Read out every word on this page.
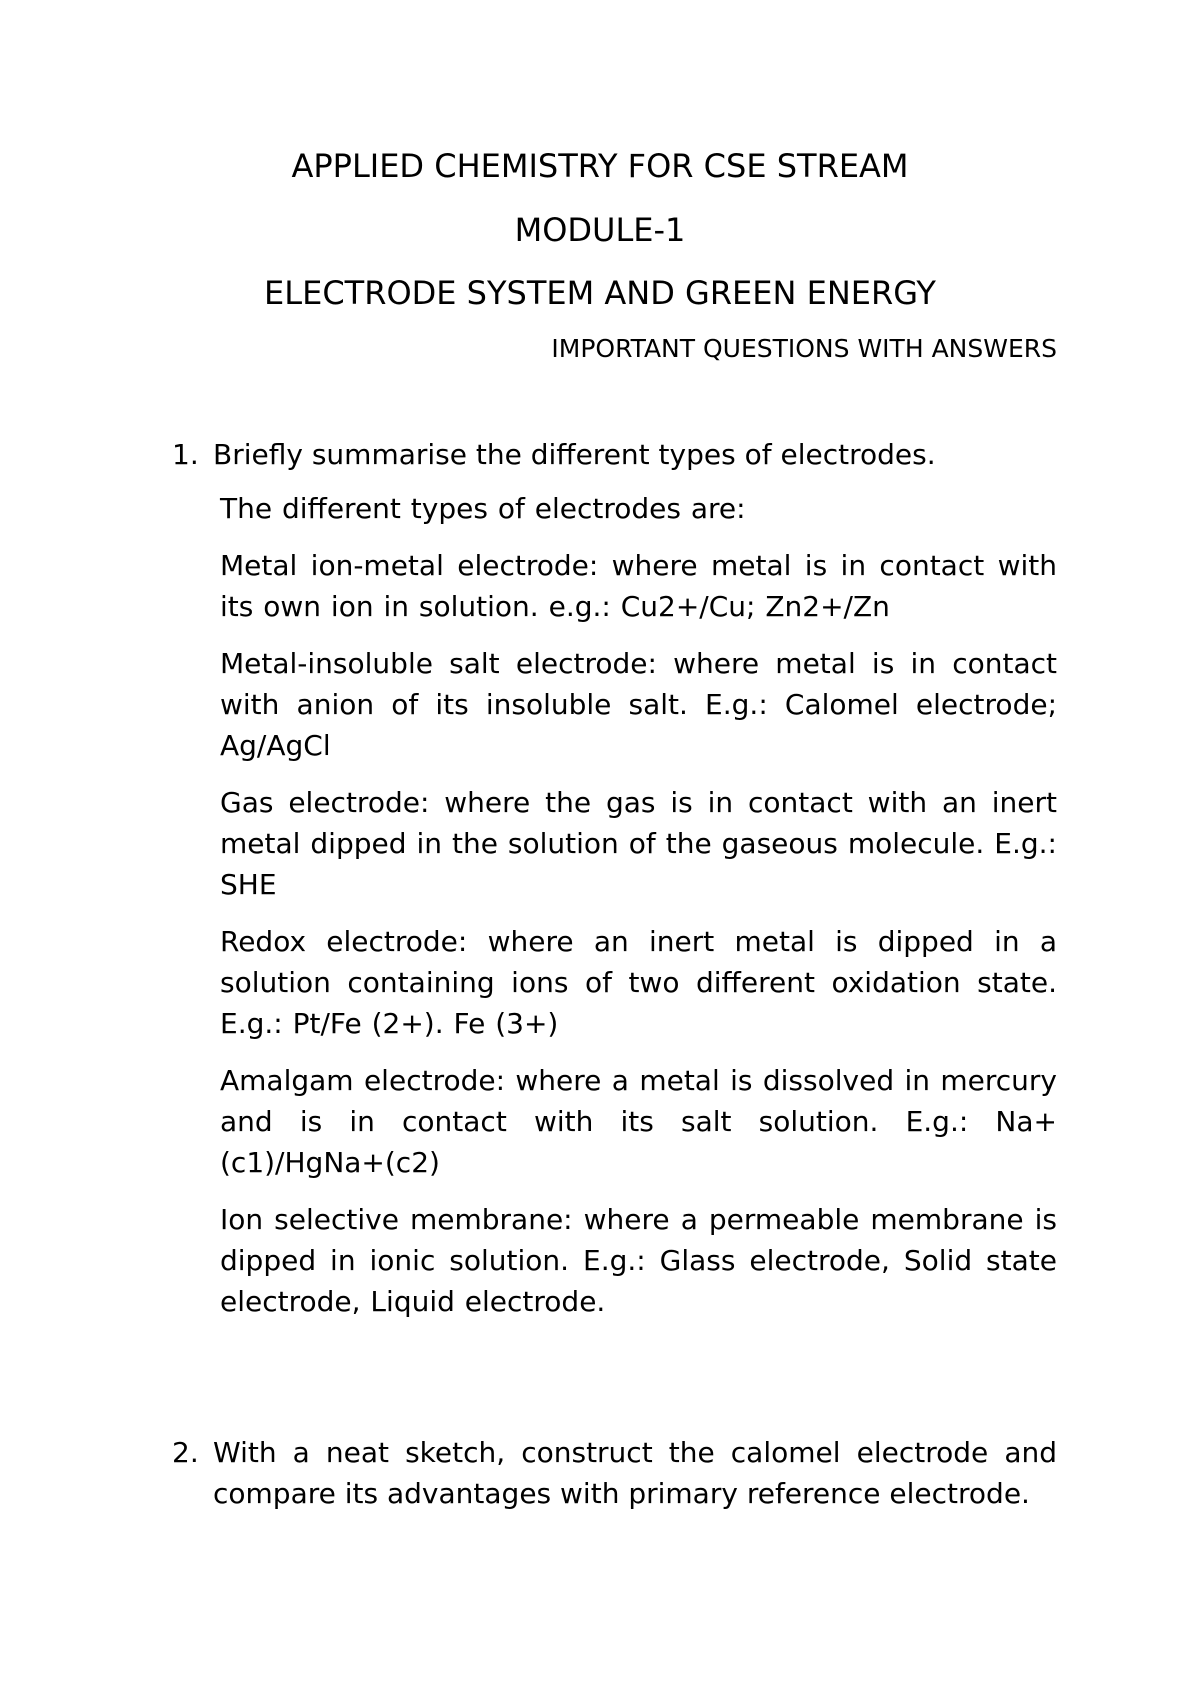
APPLIED CHEMISTRY FOR CSE STREAM
MODULE-1
ELECTRODE SYSTEM AND GREEN ENERGY
IMPORTANT QUESTIONS WITH ANSWERS
1. Briefly summarise the different types of electrodes.

The different types of electrodes are:

Metal ion-metal electrode: where metal is in contact with its own ion in solution. e.g.: Cu2+/Cu; Zn2+/Zn

Metal-insoluble salt electrode: where metal is in contact with anion of its insoluble salt. E.g.: Calomel electrode; Ag/AgCl

Gas electrode: where the gas is in contact with an inert metal dipped in the solution of the gaseous molecule. E.g.: SHE

Redox electrode: where an inert metal is dipped in a solution containing ions of two different oxidation state. E.g.: Pt/Fe (2+). Fe (3+)

Amalgam electrode: where a metal is dissolved in mercury and is in contact with its salt solution. E.g.: Na+(c1)/HgNa+(c2)

Ion selective membrane: where a permeable membrane is dipped in ionic solution. E.g.: Glass electrode, Solid state electrode, Liquid electrode.

2. With a neat sketch, construct the calomel electrode and compare its advantages with primary reference electrode.
